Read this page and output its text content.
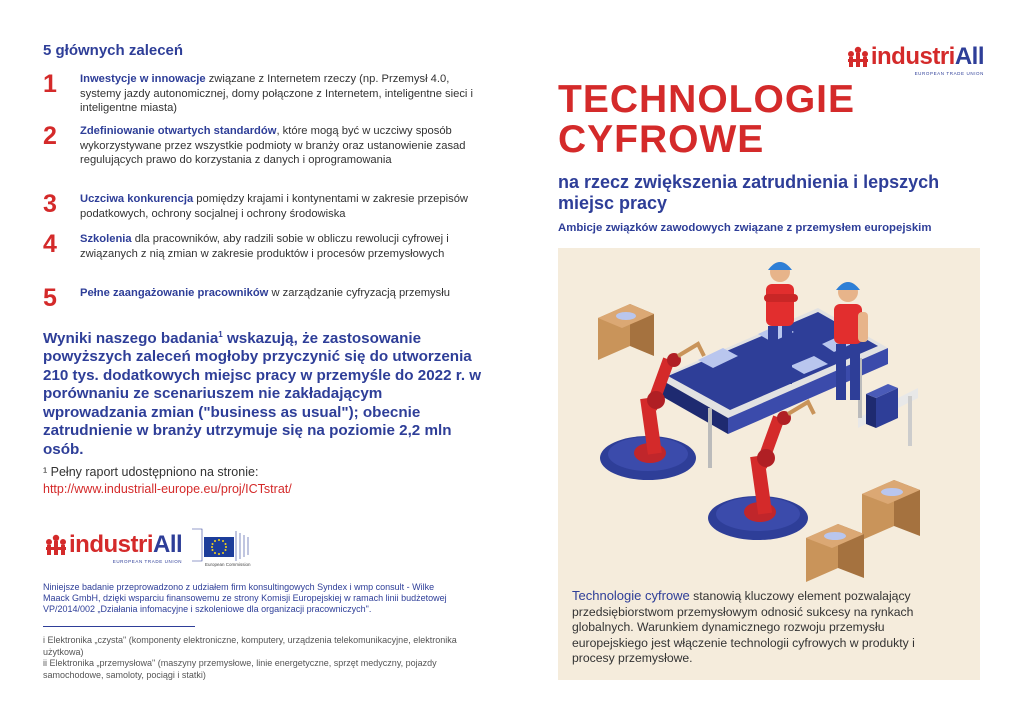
5 głównych zaleceń
1 Inwestycje w innowacje związane z Internetem rzeczy (np. Przemysł 4.0, systemy jazdy autonomicznej, domy połączone z Internetem, inteligentne sieci i inteligentne miasta)
2 Zdefiniowanie otwartych standardów, które mogą być w uczciwy sposób wykorzystywane przez wszystkie podmioty w branży oraz ustanowienie zasad regulujących prawo do korzystania z danych i oprogramowania
3 Uczciwa konkurencja pomiędzy krajami i kontynentami w zakresie przepisów podatkowych, ochrony socjalnej i ochrony środowiska
4 Szkolenia dla pracowników, aby radzili sobie w obliczu rewolucji cyfrowej i związanych z nią zmian w zakresie produktów i procesów przemysłowych
5 Pełne zaangażowanie pracowników w zarządzanie cyfryzacją przemysłu
Wyniki naszego badania$^1$ wskazują, że zastosowanie powyższych zaleceń mogłoby przyczynić się do utworzenia 210 tys. dodatkowych miejsc pracy w przemyśle do 2022 r. w porównaniu ze scenariuszem nie zakładającym wprowadzania zmian ("business as usual"); obecnie zatrudnienie w branży utrzymuje się na poziomie 2,2 mln osób.
¹ Pełny raport udostępniono na stronie:
http://www.industriall-europe.eu/proj/ICTstrat/
industriAll
EUROPEAN TRADE UNION
European Commission
Niniejsze badanie przeprowadzono z udziałem firm konsultingowych Syndex i wmp consult - Wilke Maack GmbH, dzięki wsparciu finansowemu ze strony Komisji Europejskiej w ramach linii budżetowej VP/2014/002 „Działania infomacyjne i szkoleniowe dla organizacji pracowniczych".
i Elektronika „czysta" (komponenty elektroniczne, komputery, urządzenia telekomunikacyjne, elektronika użytkowa)
ii Elektronika „przemysłowa" (maszyny przemysłowe, linie energetyczne, sprzęt medyczny, pojazdy samochodowe, samoloty, pociągi i statki)
industriAll
EUROPEAN TRADE UNION
TECHNOLOGIE
CYFROWE
na rzecz zwiększenia zatrudnienia i lepszych miejsc pracy
Ambicje związków zawodowych związane z przemysłem europejskim
Technologie cyfrowe stanowią kluczowy element pozwalający przedsiębiorstwom przemysłowym odnosić sukcesy na rynkach globalnych. Warunkiem dynamicznego rozwoju przemysłu europejskiego jest włączenie technologii cyfrowych w produkty i procesy przemysłowe.
